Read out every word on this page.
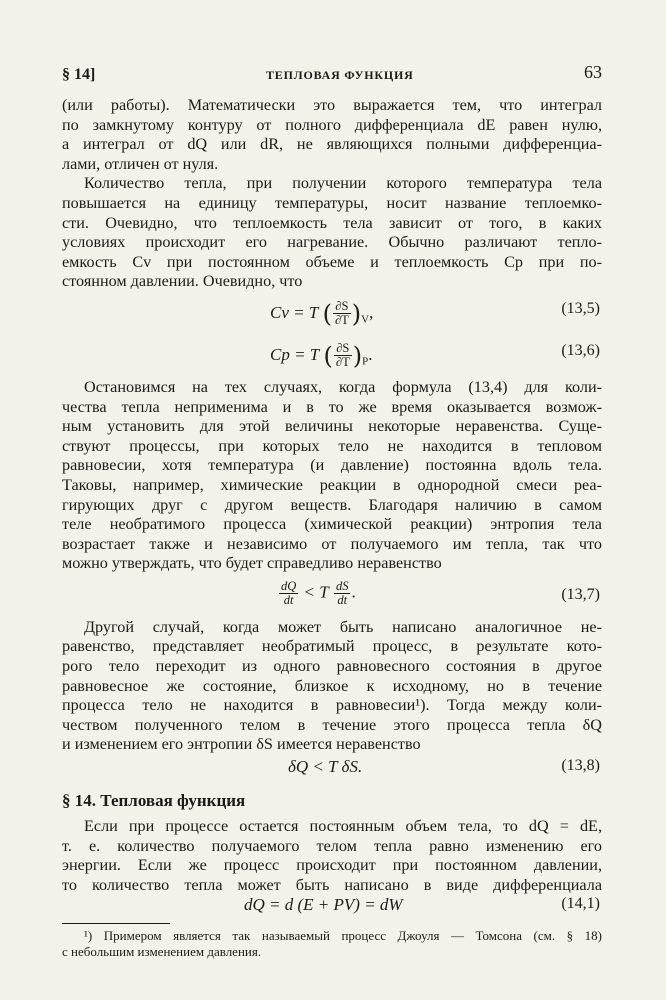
§ 14]	ТЕПЛОВАЯ ФУНКЦИЯ	63

(или работы). Математически это выражается тем, что интеграл
по замкнутому контуру от полного дифференциала dE равен нулю,
а интеграл от dQ или dR, не являющихся полными дифференциа-
лами, отличен от нуля.

Количество тепла, при получении которого температура тела
повышается на единицу температуры, носит название теплоемко-
сти. Очевидно, что теплоемкость тела зависит от того, в каких
условиях происходит его нагревание. Обычно различают тепло-
емкость Cv при постоянном объеме и теплоемкость Cp при по-
стоянном давлении. Очевидно, что

Cv = T ( $\frac{\partial S}{\partial T} )_V$,	(13,5)
Cp = T ( $\frac{\partial S}{\partial T} )_P$.	(13,6)

Остановимся на тех случаях, когда формула (13,4) для коли-
чества тепла неприменима и в то же время оказывается возмож-
ным установить для этой величины некоторые неравенства. Суще-
ствуют процессы, при которых тело не находится в тепловом
равновесии, хотя температура (и давление) постоянна вдоль тела.
Таковы, например, химические реакции в однородной смеси реа-
гирующих друг с другом веществ. Благодаря наличию в самом
теле необратимого процесса (химической реакции) энтропия тела
возрастает также и независимо от получаемого им тепла, так что
можно утверждать, что будет справедливо неравенство

$\frac{dQ}{dt} < T \frac{dS}{dt}$ .	(13,7)

Другой случай, когда может быть написано аналогичное не-
равенство, представляет необратимый процесс, в результате кото-
рого тело переходит из одного равновесного состояния в другое
равновесное же состояние, близкое к исходному, но в течение
процесса тело не находится в равновесии¹). Тогда между коли-
чеством полученного телом в течение этого процесса тепла δQ
и изменением его энтропии δS имеется неравенство

δQ < T δS.	(13,8)
§ 14. Тепловая функция

Если при процессе остается постоянным объем тела, то dQ = dE,
т. е. количество получаемого телом тепла равно изменению его
энергии. Если же процесс происходит при постоянном давлении,
то количество тепла может быть написано в виде дифференциала

dQ = d (E + PV) = dW	(14,1)

¹) Примером является так называемый процесс Джоуля — Томсона (см. § 18)
с небольшим изменением давления.
